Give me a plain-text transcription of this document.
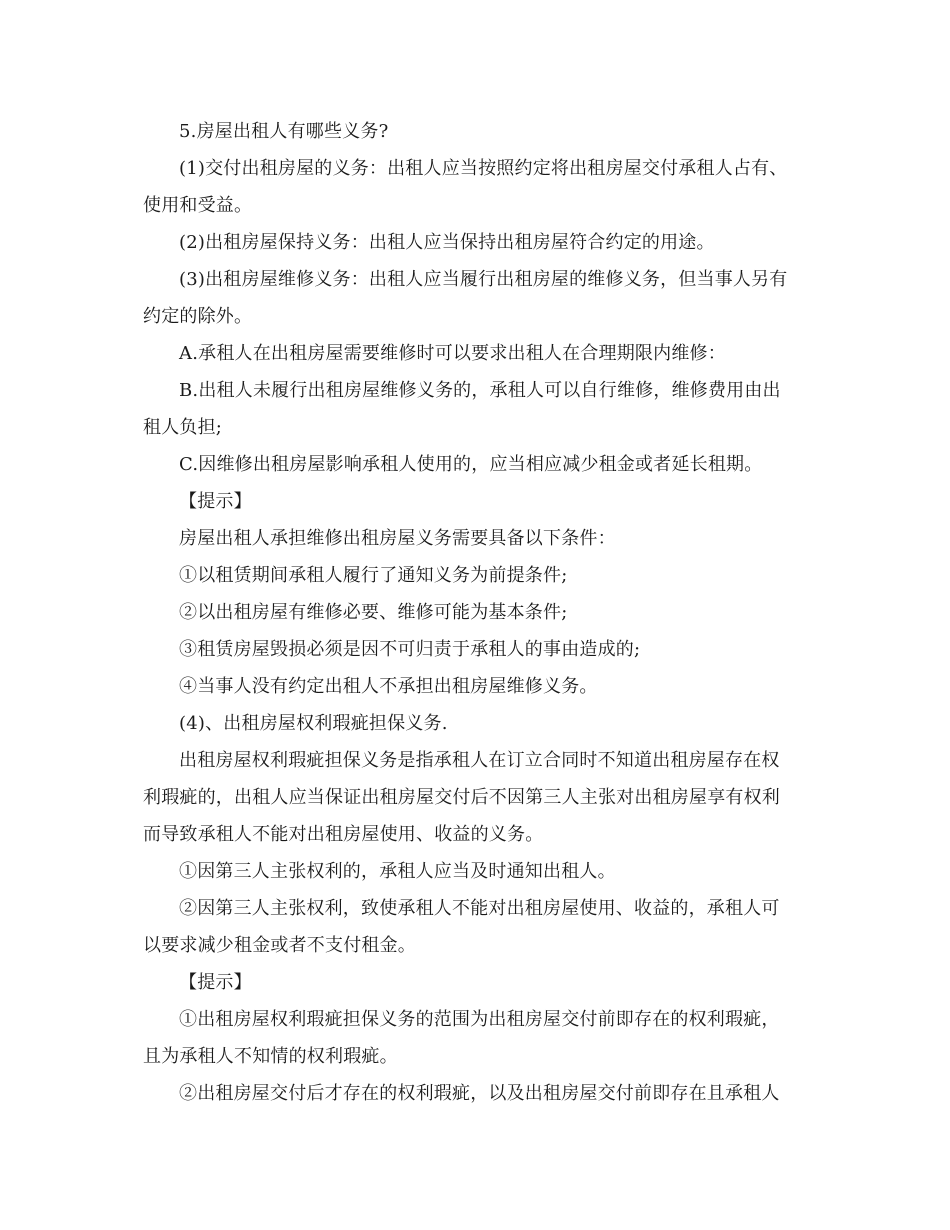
5.房屋出租人有哪些义务?

(1)交付出租房屋的义务：出租人应当按照约定将出租房屋交付承租人占有、
使用和受益。

(2)出租房屋保持义务：出租人应当保持出租房屋符合约定的用途。

(3)出租房屋维修义务：出租人应当履行出租房屋的维修义务，但当事人另有
约定的除外。

A.承租人在出租房屋需要维修时可以要求出租人在合理期限内维修：

B.出租人未履行出租房屋维修义务的，承租人可以自行维修，维修费用由出
租人负担;

C.因维修出租房屋影响承租人使用的，应当相应减少租金或者延长租期。

【提示】

房屋出租人承担维修出租房屋义务需要具备以下条件：

①以租赁期间承租人履行了通知义务为前提条件;

②以出租房屋有维修必要、维修可能为基本条件;

③租赁房屋毁损必须是因不可归责于承租人的事由造成的;

④当事人没有约定出租人不承担出租房屋维修义务。

(4)、出租房屋权利瑕疵担保义务.

出租房屋权利瑕疵担保义务是指承租人在订立合同时不知道出租房屋存在权
利瑕疵的，出租人应当保证出租房屋交付后不因第三人主张对出租房屋享有权利
而导致承租人不能对出租房屋使用、收益的义务。

①因第三人主张权利的，承租人应当及时通知出租人。

②因第三人主张权利，致使承租人不能对出租房屋使用、收益的，承租人可
以要求减少租金或者不支付租金。

【提示】

①出租房屋权利瑕疵担保义务的范围为出租房屋交付前即存在的权利瑕疵，
且为承租人不知情的权利瑕疵。

②出租房屋交付后才存在的权利瑕疵，以及出租房屋交付前即存在且承租人
